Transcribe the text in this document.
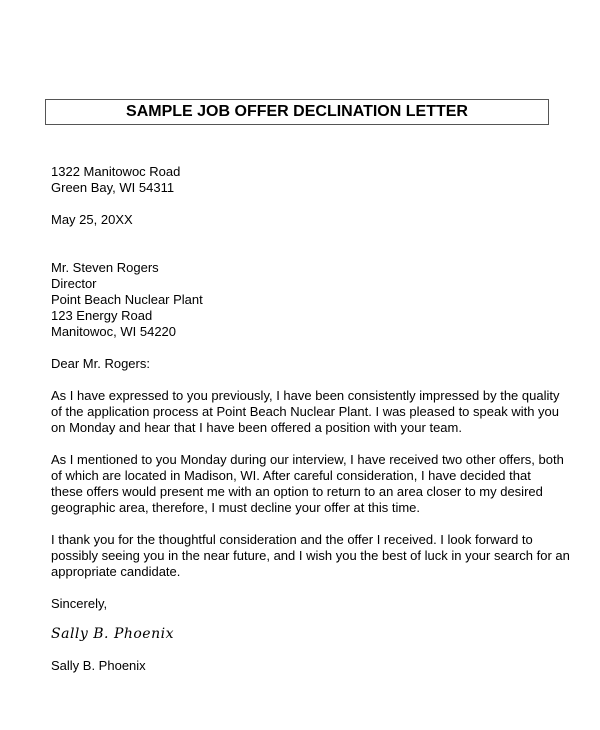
SAMPLE JOB OFFER DECLINATION LETTER
1322 Manitowoc Road
Green Bay, WI 54311
May 25, 20XX
Mr. Steven Rogers
Director
Point Beach Nuclear Plant
123 Energy Road
Manitowoc, WI 54220
Dear Mr. Rogers:
As I have expressed to you previously, I have been consistently impressed by the quality
of the application process at Point Beach Nuclear Plant. I was pleased to speak with you
on Monday and hear that I have been offered a position with your team.
As I mentioned to you Monday during our interview, I have received two other offers, both
of which are located in Madison, WI. After careful consideration, I have decided that
these offers would present me with an option to return to an area closer to my desired
geographic area, therefore, I must decline your offer at this time.
I thank you for the thoughtful consideration and the offer I received. I look forward to
possibly seeing you in the near future, and I wish you the best of luck in your search for an
appropriate candidate.
Sincerely,
Sally B. Phoenix
Sally B. Phoenix
